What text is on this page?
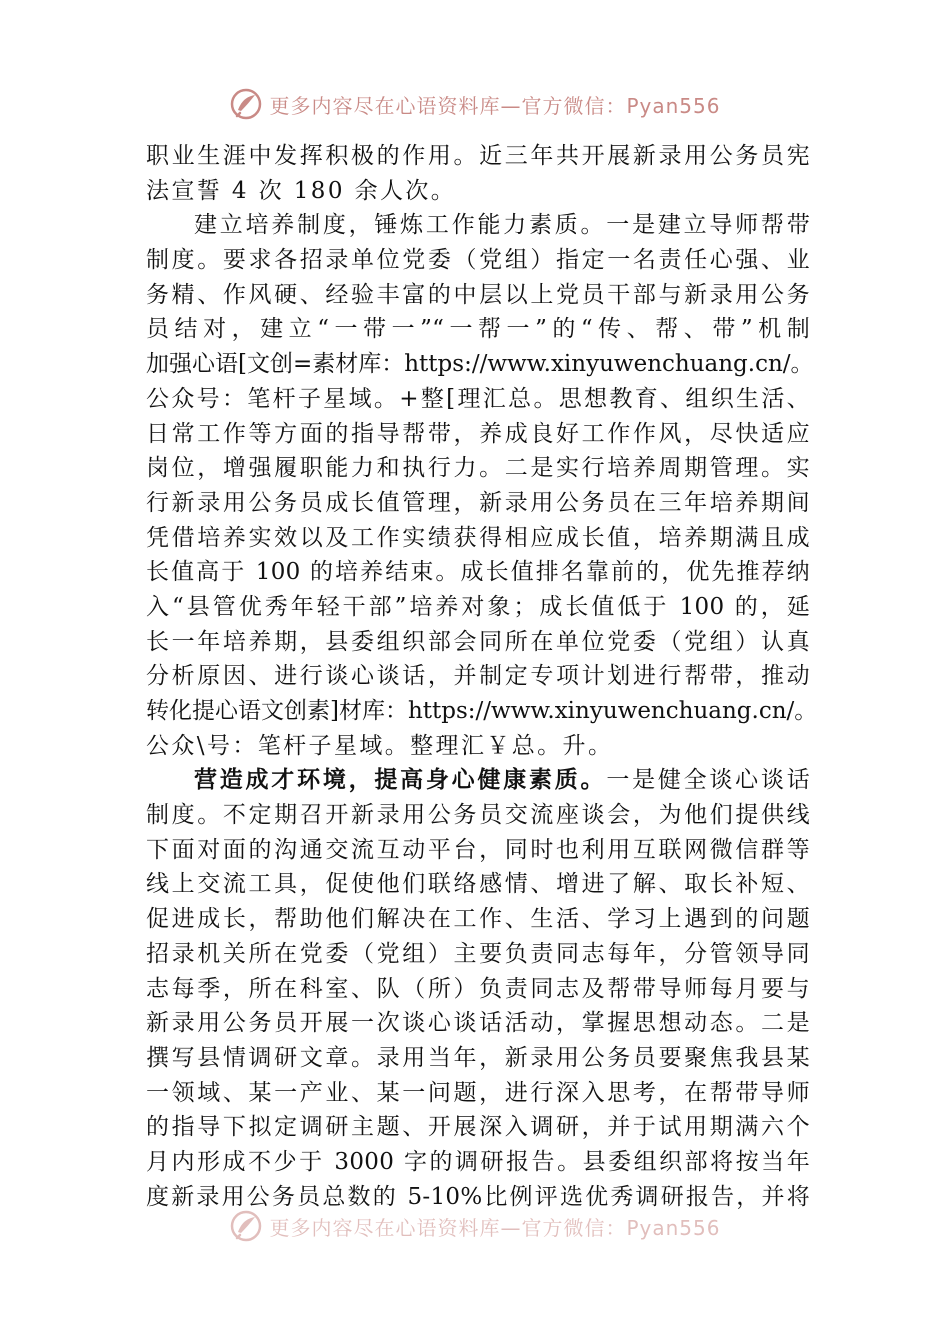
更多内容尽在心语资料库—官方微信：Pyan556
职业生涯中发挥积极的作用。近三年共开展新录用公务员宪
法宣誓 4 次 180 余人次。
建立培养制度，锤炼工作能力素质。一是建立导师帮带
制度。要求各招录单位党委（党组）指定一名责任心强、业
务精、作风硬、经验丰富的中层以上党员干部与新录用公务
员结对，建立“一带一”“一帮一”的“传、帮、带”机制
加强心语[文创=素材库：https://www.xinyuwenchuang.cn/。
公众号：笔杆子星域。+整[理汇总。思想教育、组织生活、
日常工作等方面的指导帮带，养成良好工作作风，尽快适应
岗位，增强履职能力和执行力。二是实行培养周期管理。实
行新录用公务员成长值管理，新录用公务员在三年培养期间
凭借培养实效以及工作实绩获得相应成长值，培养期满且成
长值高于 100 的培养结束。成长值排名靠前的，优先推荐纳
入“县管优秀年轻干部”培养对象；成长值低于 100 的，延
长一年培养期，县委组织部会同所在单位党委（党组）认真
分析原因、进行谈心谈话，并制定专项计划进行帮带，推动
转化提心语文创素]材库：https://www.xinyuwenchuang.cn/。
公众\号：笔杆子星域。整理汇￥总。升。
营造成才环境，提高身心健康素质。一是健全谈心谈话
制度。不定期召开新录用公务员交流座谈会，为他们提供线
下面对面的沟通交流互动平台，同时也利用互联网微信群等
线上交流工具，促使他们联络感情、增进了解、取长补短、
促进成长，帮助他们解决在工作、生活、学习上遇到的问题
招录机关所在党委（党组）主要负责同志每年，分管领导同
志每季，所在科室、队（所）负责同志及帮带导师每月要与
新录用公务员开展一次谈心谈话活动，掌握思想动态。二是
撰写县情调研文章。录用当年，新录用公务员要聚焦我县某
一领域、某一产业、某一问题，进行深入思考，在帮带导师
的指导下拟定调研主题、开展深入调研，并于试用期满六个
月内形成不少于 3000 字的调研报告。县委组织部将按当年
度新录用公务员总数的 5-10%比例评选优秀调研报告，并将
更多内容尽在心语资料库—官方微信：Pyan556
